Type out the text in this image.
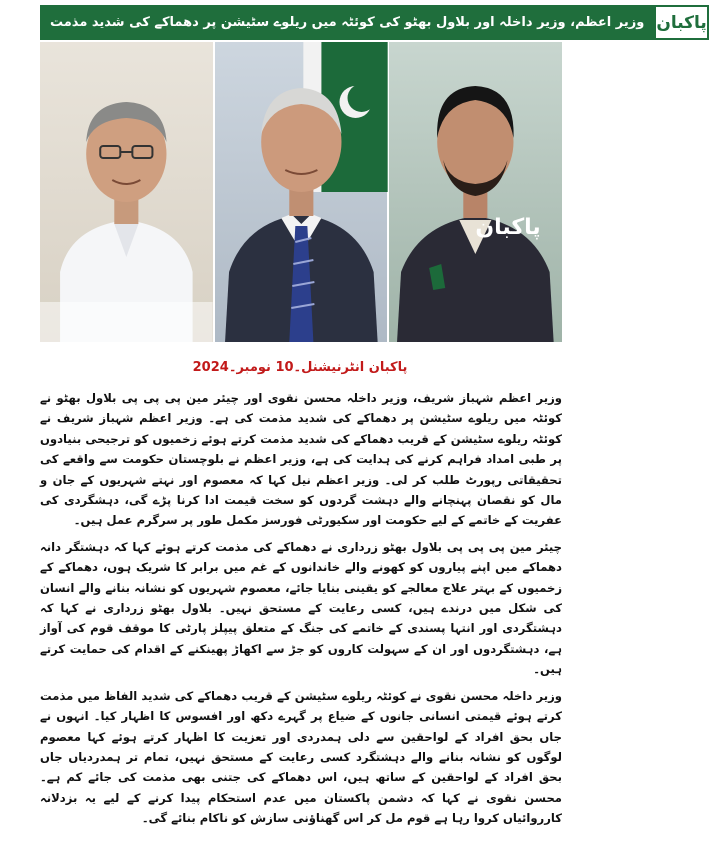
وزیر اعظم، وزیر داخلہ اور بلاول بھٹو کی کوئٹہ میں ریلوے سٹیشن پر دھماکے کی شدید مذمت پاکبان
پاکبان
پاکبان انٹرنیشنل۔10 نومبر۔2024

وزیر اعظم شہباز شریف، وزیر داخلہ محسن نقوی اور چیئر مین پی پی پی بلاول بھٹو نے کوئٹہ میں ریلوے سٹیشن پر دھماکے کی شدید مذمت کی ہے۔ وزیر اعظم شہباز شریف نے کوئٹہ ریلوے سٹیشن کے قریب دھماکے کی شدید مذمت کرتے ہوئے زخمیوں کو ترجیحی بنیادوں پر طبی امداد فراہم کرنے کی ہدایت کی ہے، وزیر اعظم نے بلوچستان حکومت سے واقعے کی تحقیقاتی رپورٹ طلب کر لی۔ وزیر اعظم نیل کہا کہ معصوم اور نہتے شہریوں کے جان و مال کو نقصان پہنچانے والے دہشت گردوں کو سخت قیمت ادا کرنا پڑے گی، دہشگردی کی عفریت کے خاتمے کے لیے حکومت اور سکیورٹی فورسز مکمل طور پر سرگرم عمل ہیں۔

چیئر مین پی پی پی بلاول بھٹو زرداری نے دھماکے کی مذمت کرتے ہوئے کہا کہ دہشتگر دانہ دھماکے میں اپنے پیاروں کو کھونے والے خاندانوں کے غم میں برابر کا شریک ہوں، دھماکے کے زخمیوں کے بہتر علاج معالجے کو یقینی بنایا جائے، معصوم شہریوں کو نشانہ بنانے والے انسان کی شکل میں درندے ہیں، کسی رعایت کے مستحق نہیں۔ بلاول بھٹو زرداری نے کہا کہ دہشتگردی اور انتہا پسندی کے خاتمے کی جنگ کے متعلق پیپلز پارٹی کا موقف قوم کی آواز ہے، دہشتگردوں اور ان کے سہولت کاروں کو جڑ سے اکھاڑ پھینکنے کے اقدام کی حمایت کرتے ہیں۔

وزیر داخلہ محسن نقوی نے کوئٹہ ریلوے سٹیشن کے قریب دھماکے کی شدید الفاظ میں مذمت کرتے ہوئے قیمتی انسانی جانوں کے ضیاع پر گہرے دکھ اور افسوس کا اظہار کیا۔ انہوں نے جاں بحق افراد کے لواحقین سے دلی ہمدردی اور تعزیت کا اظہار کرتے ہوئے کہا معصوم لوگوں کو نشانہ بنانے والے دہشتگرد کسی رعایت کے مستحق نہیں، تمام تر ہمدردیاں جاں بحق افراد کے لواحقین کے ساتھ ہیں، اس دھماکے کی جتنی بھی مذمت کی جائے کم ہے۔ محسن نقوی نے کہا کہ دشمن پاکستان میں عدم استحکام پیدا کرنے کے لیے یہ بزدلانہ کارروائیاں کروا رہا ہے قوم مل کر اس گھناؤنی سازش کو ناکام بنائے گی۔
